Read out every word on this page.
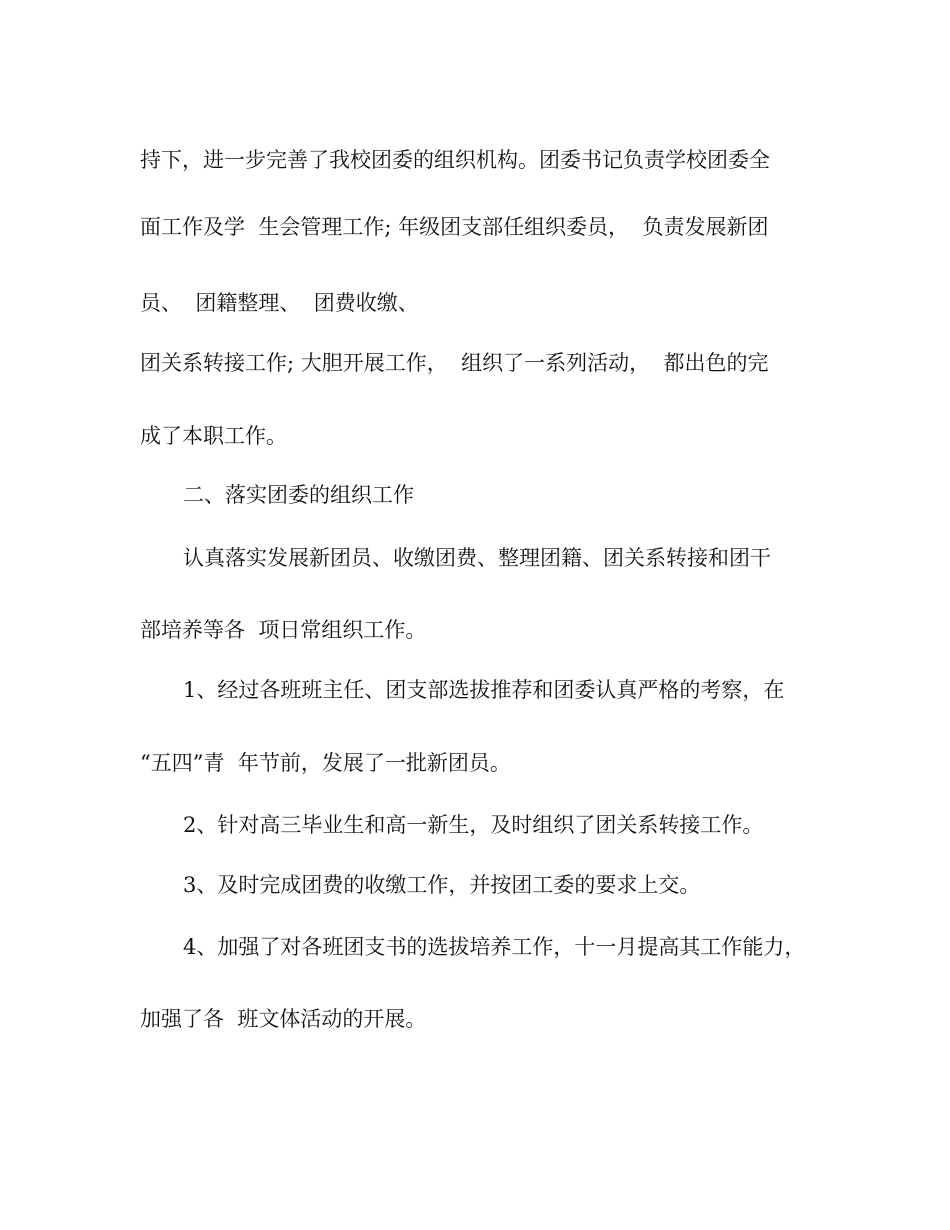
持下，进一步完善了我校团委的组织机构。团委书记负责学校团委全
面工作及学  生会管理工作; 年级团支部任组织委员，  负责发展新团
员、  团籍整理、  团费收缴、
团关系转接工作; 大胆开展工作，  组织了一系列活动，  都出色的完
成了本职工作。
二、落实团委的组织工作
认真落实发展新团员、收缴团费、整理团籍、团关系转接和团干
部培养等各  项日常组织工作。
1、经过各班班主任、团支部选拔推荐和团委认真严格的考察，在
“五四”青  年节前，发展了一批新团员。
2、针对高三毕业生和高一新生，及时组织了团关系转接工作。
3、及时完成团费的收缴工作，并按团工委的要求上交。
4、加强了对各班团支书的选拔培养工作，十一月提高其工作能力，
加强了各  班文体活动的开展。
